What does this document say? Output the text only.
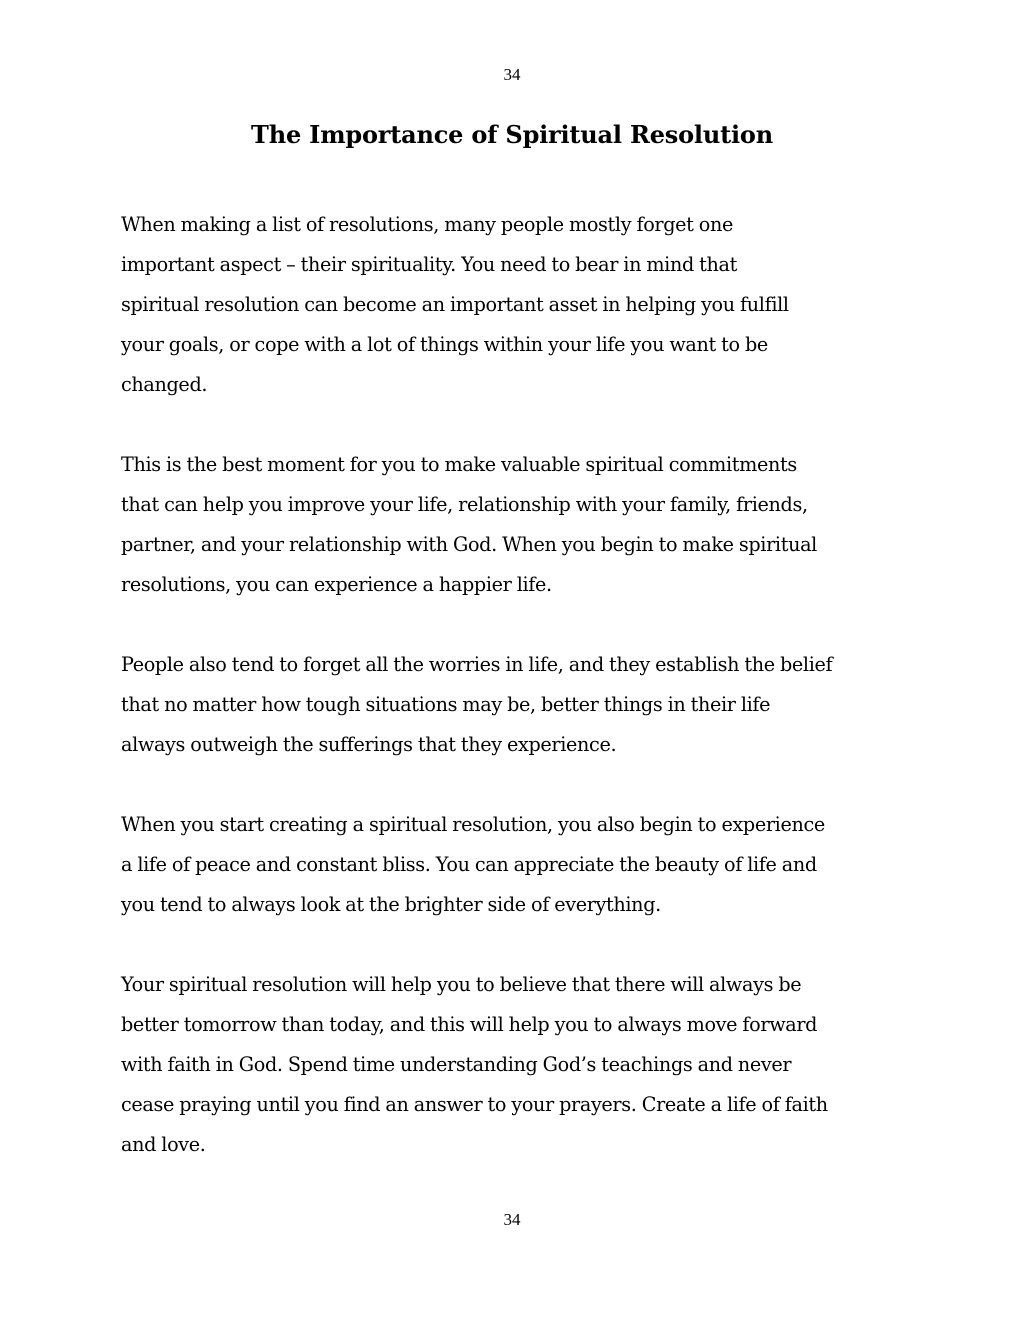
34
The Importance of Spiritual Resolution

When making a list of resolutions, many people mostly forget one
important aspect – their spirituality. You need to bear in mind that
spiritual resolution can become an important asset in helping you fulfill
your goals, or cope with a lot of things within your life you want to be
changed.

This is the best moment for you to make valuable spiritual commitments
that can help you improve your life, relationship with your family, friends,
partner, and your relationship with God. When you begin to make spiritual
resolutions, you can experience a happier life.

People also tend to forget all the worries in life, and they establish the belief
that no matter how tough situations may be, better things in their life
always outweigh the sufferings that they experience.

When you start creating a spiritual resolution, you also begin to experience
a life of peace and constant bliss. You can appreciate the beauty of life and
you tend to always look at the brighter side of everything.

Your spiritual resolution will help you to believe that there will always be
better tomorrow than today, and this will help you to always move forward
with faith in God. Spend time understanding God’s teachings and never
cease praying until you find an answer to your prayers. Create a life of faith
and love.

34
